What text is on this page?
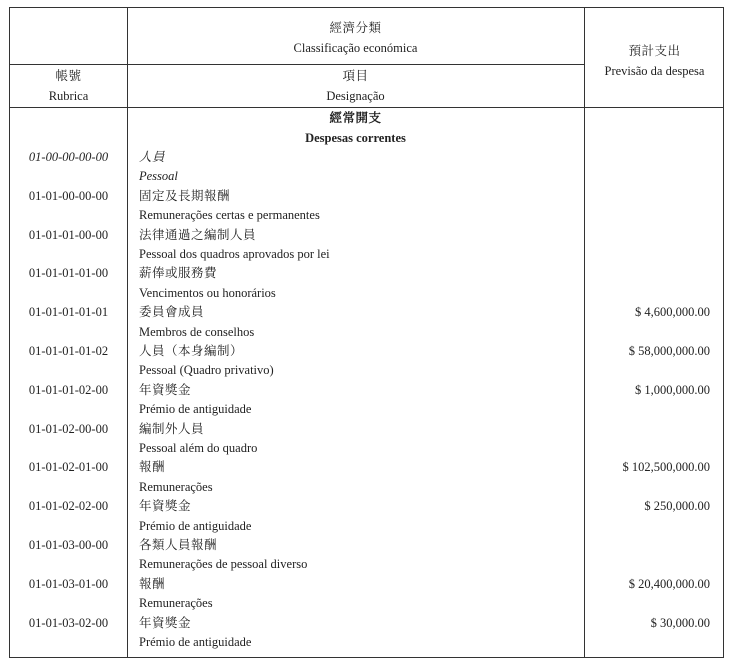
經濟分類
Classificação económica
帳號
Rubrica
項目
Designação
預計支出
Previsão da despesa
經常開支
Despesas correntes
01-00-00-00-00	人員
Pessoal
01-01-00-00-00	固定及長期報酬
Remunerações certas e permanentes
01-01-01-00-00	法律通過之編制人員
Pessoal dos quadros aprovados por lei
01-01-01-01-00	薪俸或服務費
Vencimentos ou honorários
01-01-01-01-01	委員會成員	$ 4,600,000.00
Membros de conselhos
01-01-01-01-02	人員（本身編制）	$ 58,000,000.00
Pessoal (Quadro privativo)
01-01-01-02-00	年資獎金	$ 1,000,000.00
Prémio de antiguidade
01-01-02-00-00	編制外人員
Pessoal além do quadro
01-01-02-01-00	報酬	$ 102,500,000.00
Remunerações
01-01-02-02-00	年資獎金	$ 250,000.00
Prémio de antiguidade
01-01-03-00-00	各類人員報酬
Remunerações de pessoal diverso
01-01-03-01-00	報酬	$ 20,400,000.00
Remunerações
01-01-03-02-00	年資獎金	$ 30,000.00
Prémio de antiguidade
